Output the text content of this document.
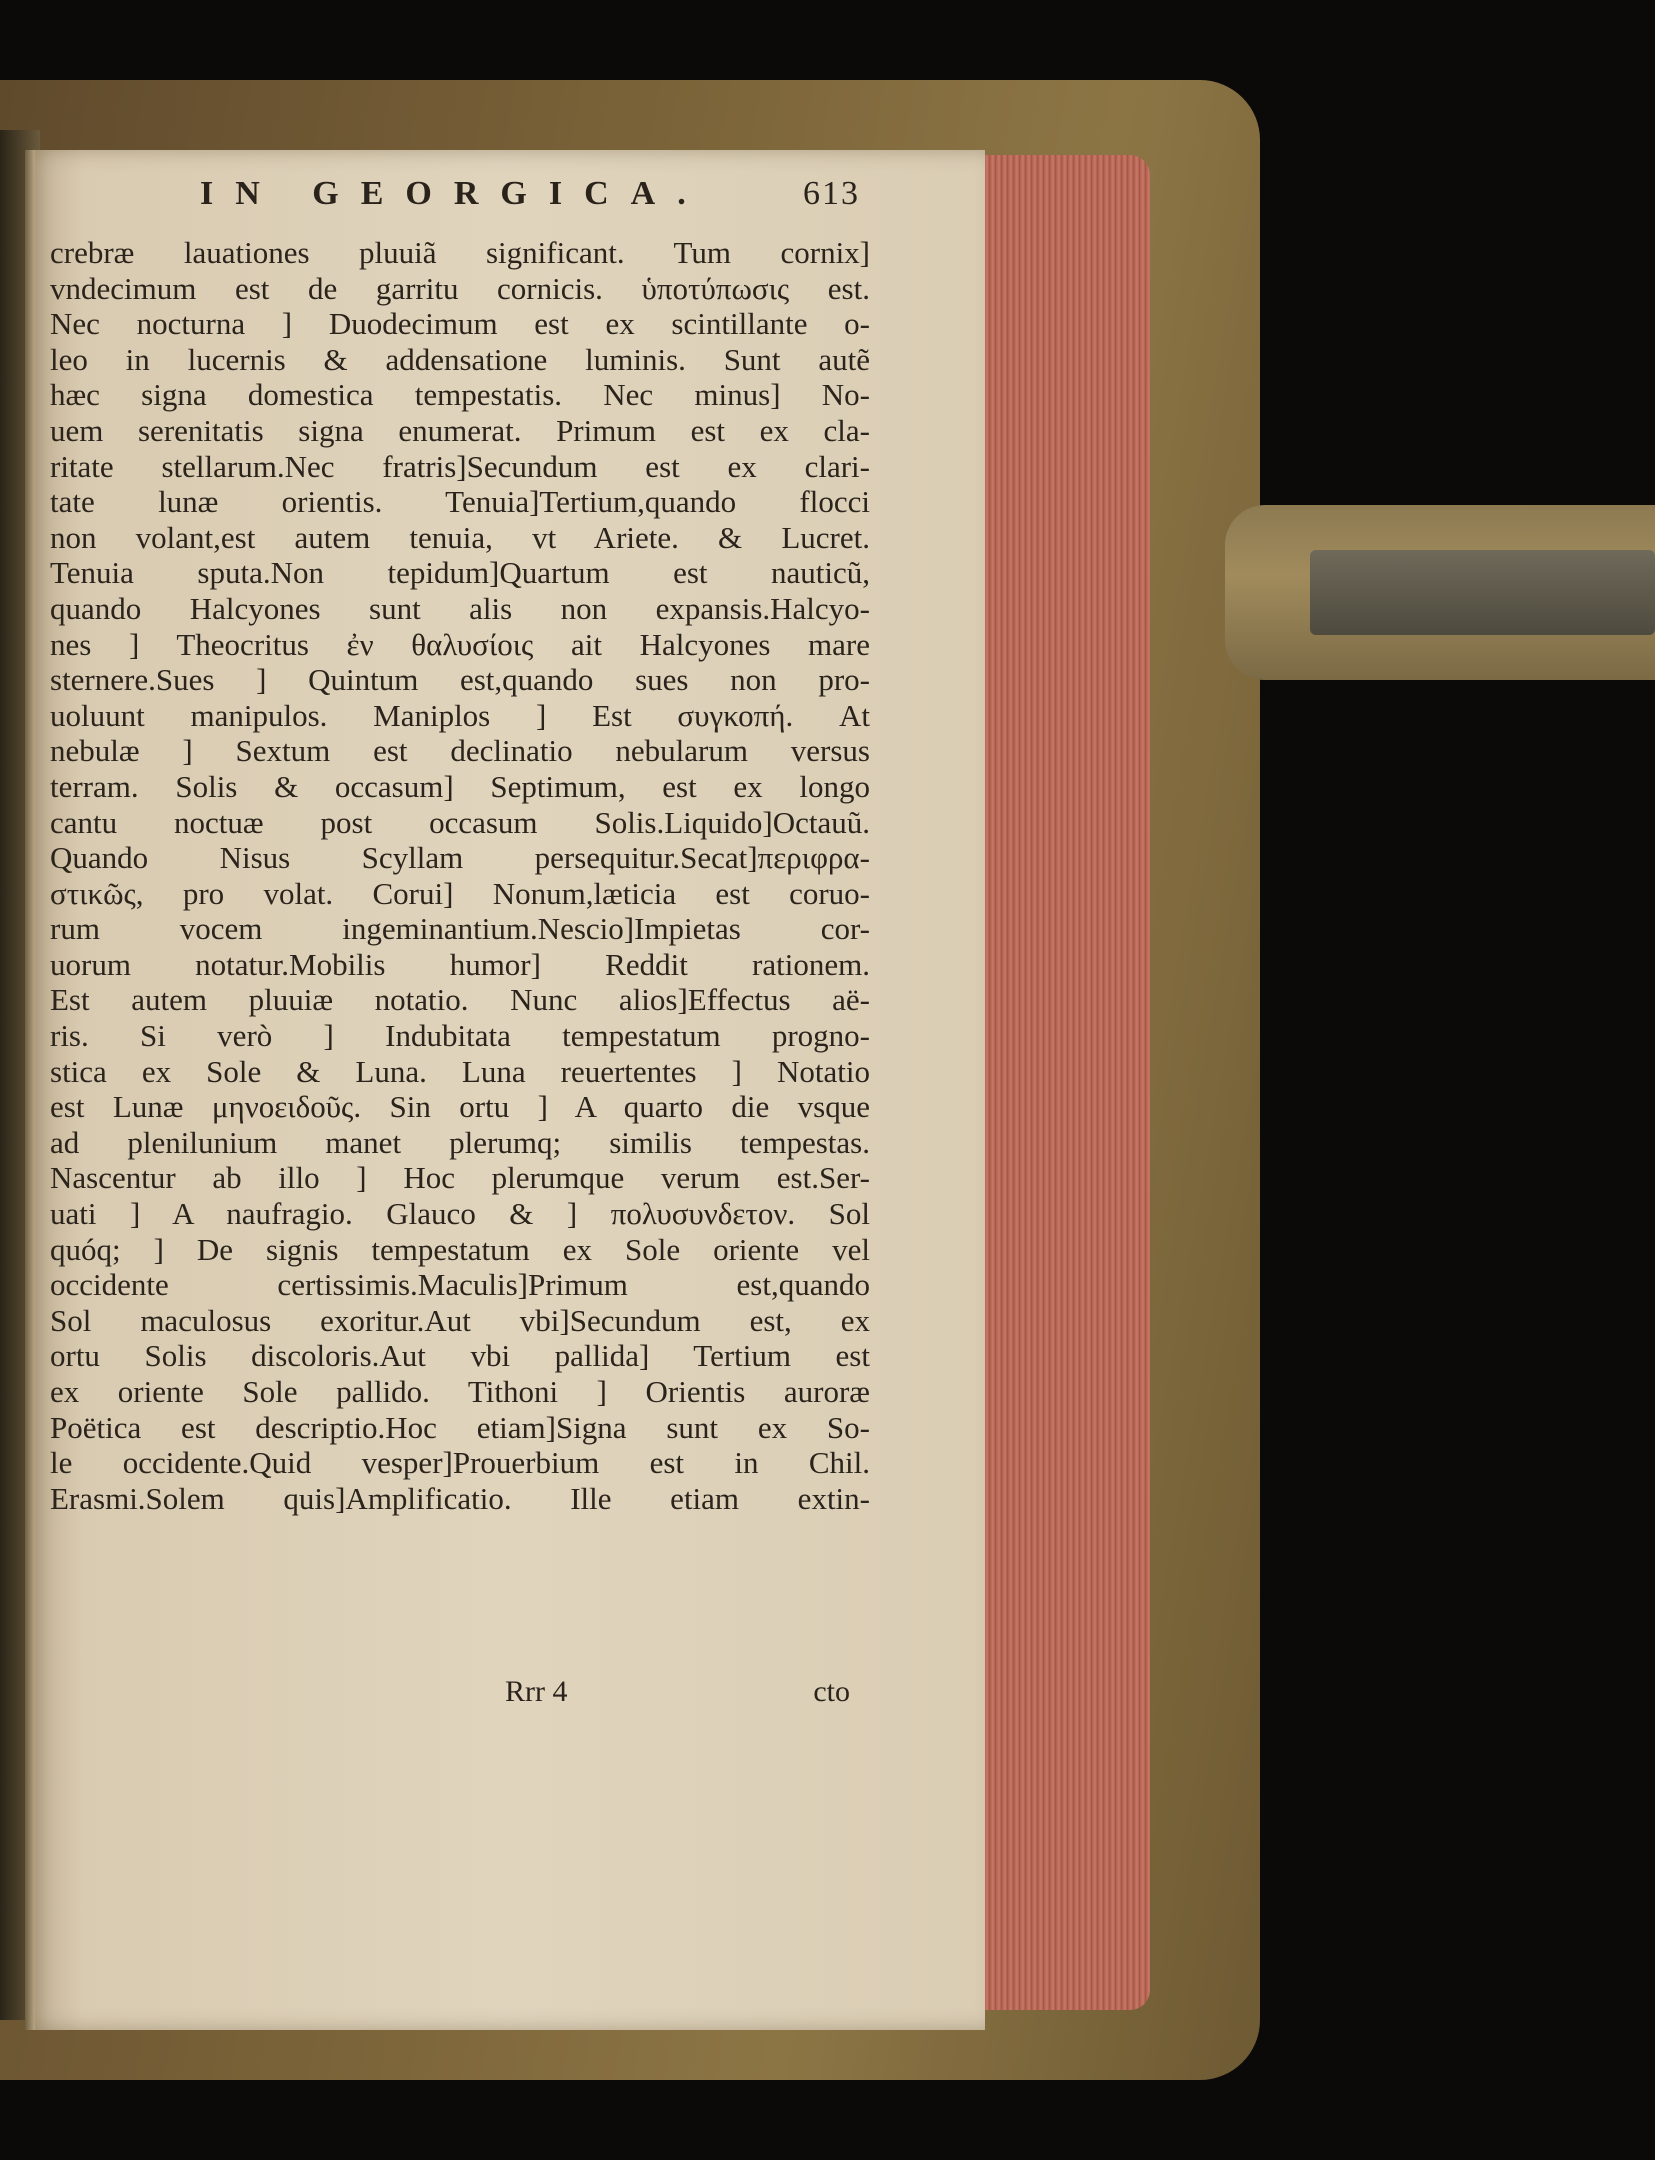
IN GEORGICA.	613
crebræ lauationes pluuiã significant. Tum cornix]
vndecimum est de garritu cornicis. ὑποτύπωσις est.
Nec nocturna ] Duodecimum est ex scintillante o-
leo in lucernis & addensatione luminis. Sunt autẽ
hæc signa domestica tempestatis. Nec minus] No-
uem serenitatis signa enumerat. Primum est ex cla-
ritate stellarum.Nec fratris]Secundum est ex clari-
tate lunæ orientis. Tenuia]Tertium,quando flocci
non volant,est autem tenuia, vt Ariete. & Lucret.
Tenuia sputa.Non tepidum]Quartum est nauticũ,
quando Halcyones sunt alis non expansis.Halcyo-
nes ] Theocritus ἐν θαλυσίοις ait Halcyones mare
sternere.Sues ] Quintum est,quando sues non pro-
uoluunt manipulos. Maniplos ] Est συγκοπή. At
nebulæ ] Sextum est declinatio nebularum versus
terram. Solis & occasum] Septimum, est ex longo
cantu noctuæ post occasum Solis.Liquido]Octauũ.
Quando Nisus Scyllam persequitur.Secat]περιφρα-
στικῶς, pro volat. Corui] Nonum,læticia est coruo-
rum vocem ingeminantium.Nescio]Impietas cor-
uorum notatur.Mobilis humor] Reddit rationem.
Est autem pluuiæ notatio. Nunc alios]Effectus aë-
ris. Si verò ] Indubitata tempestatum progno-
stica ex Sole & Luna. Luna reuertentes ] Notatio
est Lunæ μηνοειδοῦς. Sin ortu ] A quarto die vsque
ad plenilunium manet plerumq; similis tempestas.
Nascentur ab illo ] Hoc plerumque verum est.Ser-
uati ] A naufragio. Glauco & ] πολυσυνδετον. Sol
quóq; ] De signis tempestatum ex Sole oriente vel
occidente certissimis.Maculis]Primum est,quando
Sol maculosus exoritur.Aut vbi]Secundum est, ex
ortu Solis discoloris.Aut vbi pallida] Tertium est
ex oriente Sole pallido. Tithoni ] Orientis auroræ
Poëtica est descriptio.Hoc etiam]Signa sunt ex So-
le occidente.Quid vesper]Prouerbium est in Chil.
Erasmi.Solem quis]Amplificatio. Ille etiam extin-
Rrr 4	cto
